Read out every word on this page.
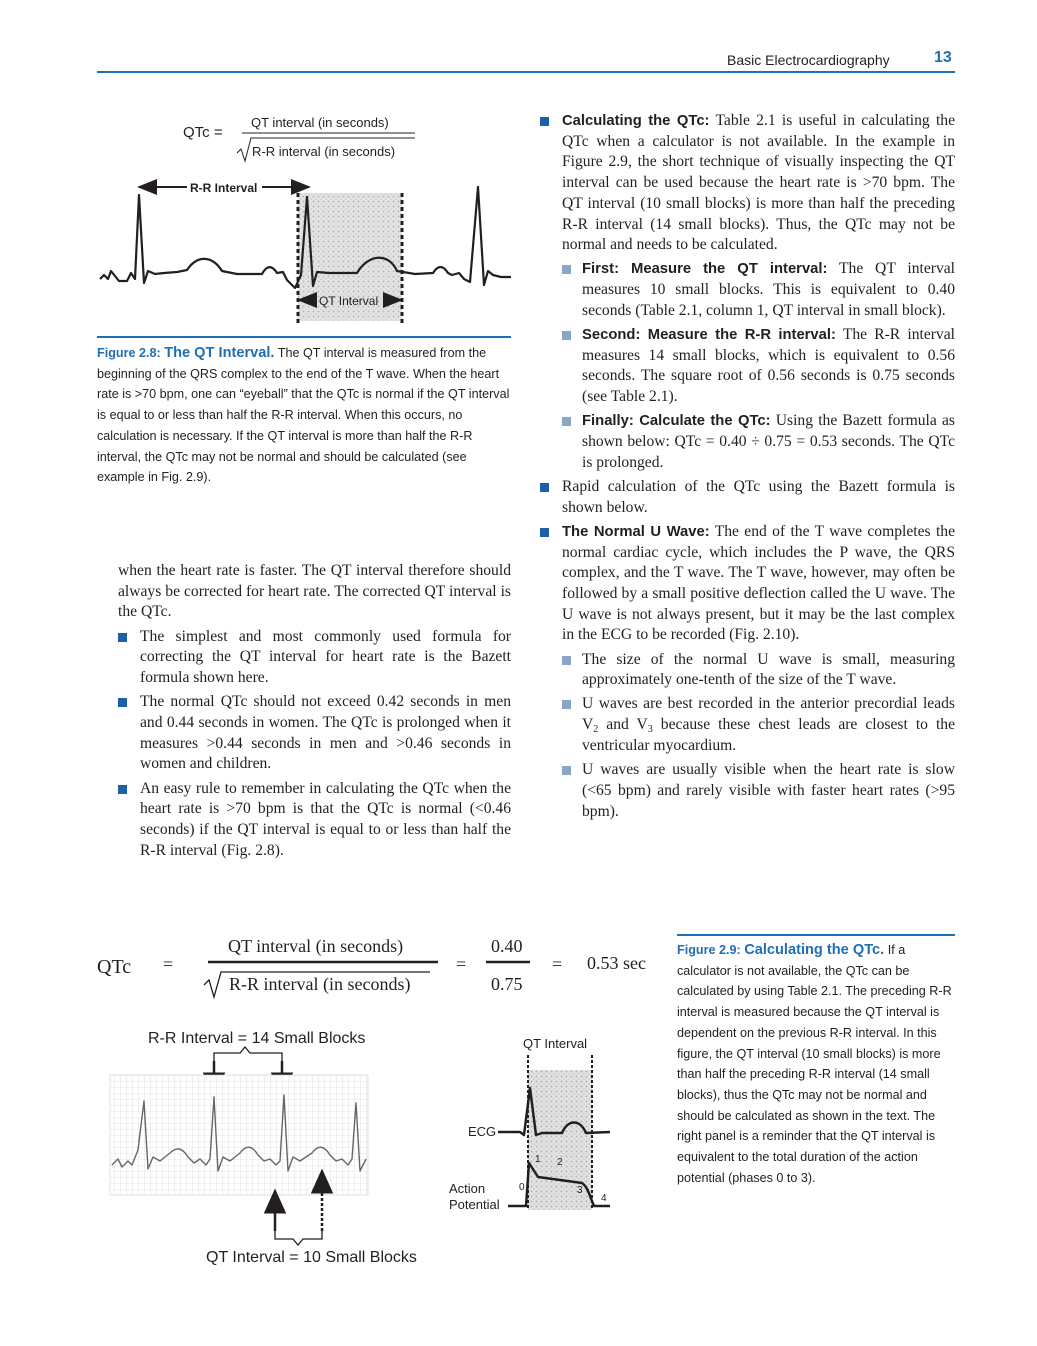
Basic Electrocardiography	13
QTc =
QT interval (in seconds)
R-R interval (in seconds)
R-R Interval
QT Interval
Figure 2.8: The QT Interval. The QT interval is measured from the beginning of the QRS complex to the end of the T wave. When the heart rate is >70 bpm, one can “eyeball” that the QTc is normal if the QT interval is equal to or less than half the R-R interval. When this occurs, no calculation is necessary. If the QT interval is more than half the R-R interval, the QTc may not be normal and should be calculated (see example in Fig. 2.9).
when the heart rate is faster. The QT interval therefore should always be corrected for heart rate. The corrected QT interval is the QTc.
The simplest and most commonly used formula for correcting the QT interval for heart rate is the Bazett formula shown here.
The normal QTc should not exceed 0.42 seconds in men and 0.44 seconds in women. The QTc is prolonged when it measures >0.44 seconds in men and >0.46 seconds in women and children.
An easy rule to remember in calculating the QTc when the heart rate is >70 bpm is that the QTc is normal (<0.46 seconds) if the QT interval is equal to or less than half the R-R interval (Fig. 2.8).
Calculating the QTc: Table 2.1 is useful in calculating the QTc when a calculator is not available. In the example in Figure 2.9, the short technique of visually inspecting the QT interval can be used because the heart rate is >70 bpm. The QT interval (10 small blocks) is more than half the preceding R-R interval (14 small blocks). Thus, the QTc may not be normal and needs to be calculated.
First: Measure the QT interval: The QT interval measures 10 small blocks. This is equivalent to 0.40 seconds (Table 2.1, column 1, QT interval in small block).
Second: Measure the R-R interval: The R-R interval measures 14 small blocks, which is equivalent to 0.56 seconds. The square root of 0.56 seconds is 0.75 seconds (see Table 2.1).
Finally: Calculate the QTc: Using the Bazett formula as shown below: QTc = 0.40 ÷ 0.75 = 0.53 seconds. The QTc is prolonged.
Rapid calculation of the QTc using the Bazett formula is shown below.
The Normal U Wave: The end of the T wave completes the normal cardiac cycle, which includes the P wave, the QRS complex, and the T wave. The T wave, however, may often be followed by a small positive deflection called the U wave. The U wave is not always present, but it may be the last complex in the ECG to be recorded (Fig. 2.10).
The size of the normal U wave is small, measuring approximately one-tenth of the size of the T wave.
U waves are best recorded in the anterior precordial leads $V_2$ and $V_3$ because these chest leads are closest to the ventricular myocardium.
U waves are usually visible when the heart rate is slow (<65 bpm) and rarely visible with faster heart rates (>95 bpm).
QTc =
QT interval (in seconds)
R-R interval (in seconds)
=
0.40
0.75
= 0.53 sec
R-R Interval = 14 Small Blocks
QT Interval = 10 Small Blocks
QT Interval
ECG
Action
Potential
0
1 2
3
4
Figure 2.9: Calculating the QTc. If a calculator is not available, the QTc can be calculated by using Table 2.1. The preceding R-R interval is measured because the QT interval is dependent on the previous R-R interval. In this figure, the QT interval (10 small blocks) is more than half the preceding R-R interval (14 small blocks), thus the QTc may not be normal and should be calculated as shown in the text. The right panel is a reminder that the QT interval is equivalent to the total duration of the action potential (phases 0 to 3).
